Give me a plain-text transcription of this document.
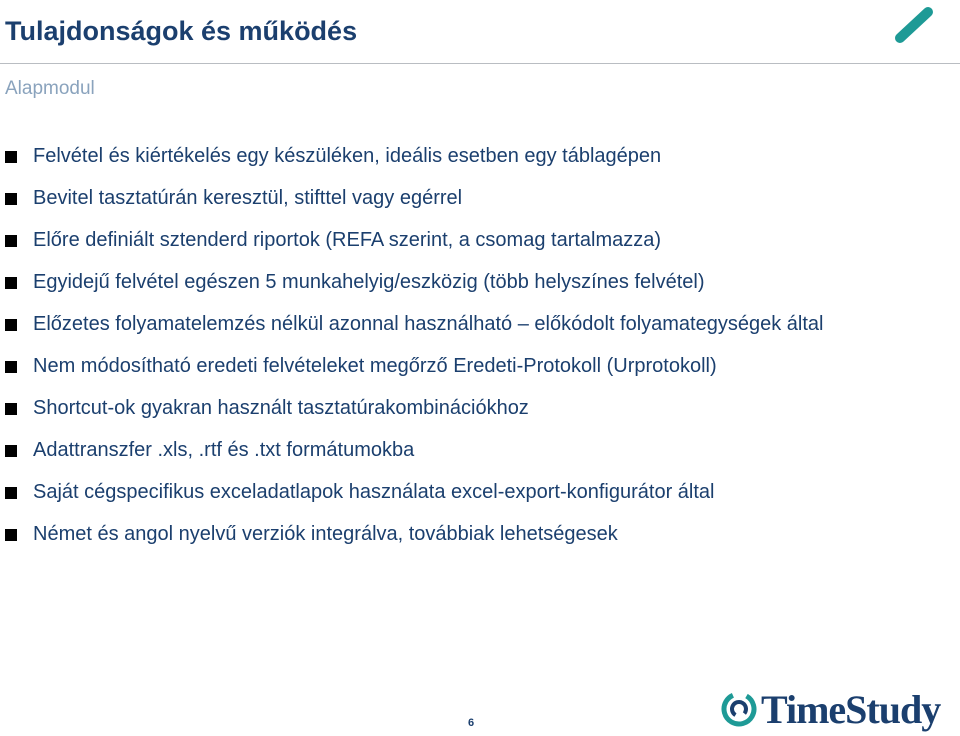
Tulajdonságok és működés
Alapmodul
Felvétel és kiértékelés egy készüléken, ideális esetben egy táblagépen
Bevitel tasztatúrán keresztül, stifttel vagy egérrel
Előre definiált sztenderd riportok (REFA szerint, a csomag tartalmazza)
Egyidejű felvétel egészen 5 munkahelyig/eszközig (több helyszínes felvétel)
Előzetes folyamatelemzés nélkül azonnal használható – előkódolt folyamategységek által
Nem módosítható eredeti felvételeket megőrző Eredeti-Protokoll (Urprotokoll)
Shortcut-ok gyakran használt tasztatúrakombinációkhoz
Adattranszfer .xls, .rtf és .txt formátumokba
Saját cégspecifikus exceladatlapok használata excel-export-konfigurátor által
Német és angol nyelvű verziók integrálva, továbbiak lehetségesek
6	TimeStudy
